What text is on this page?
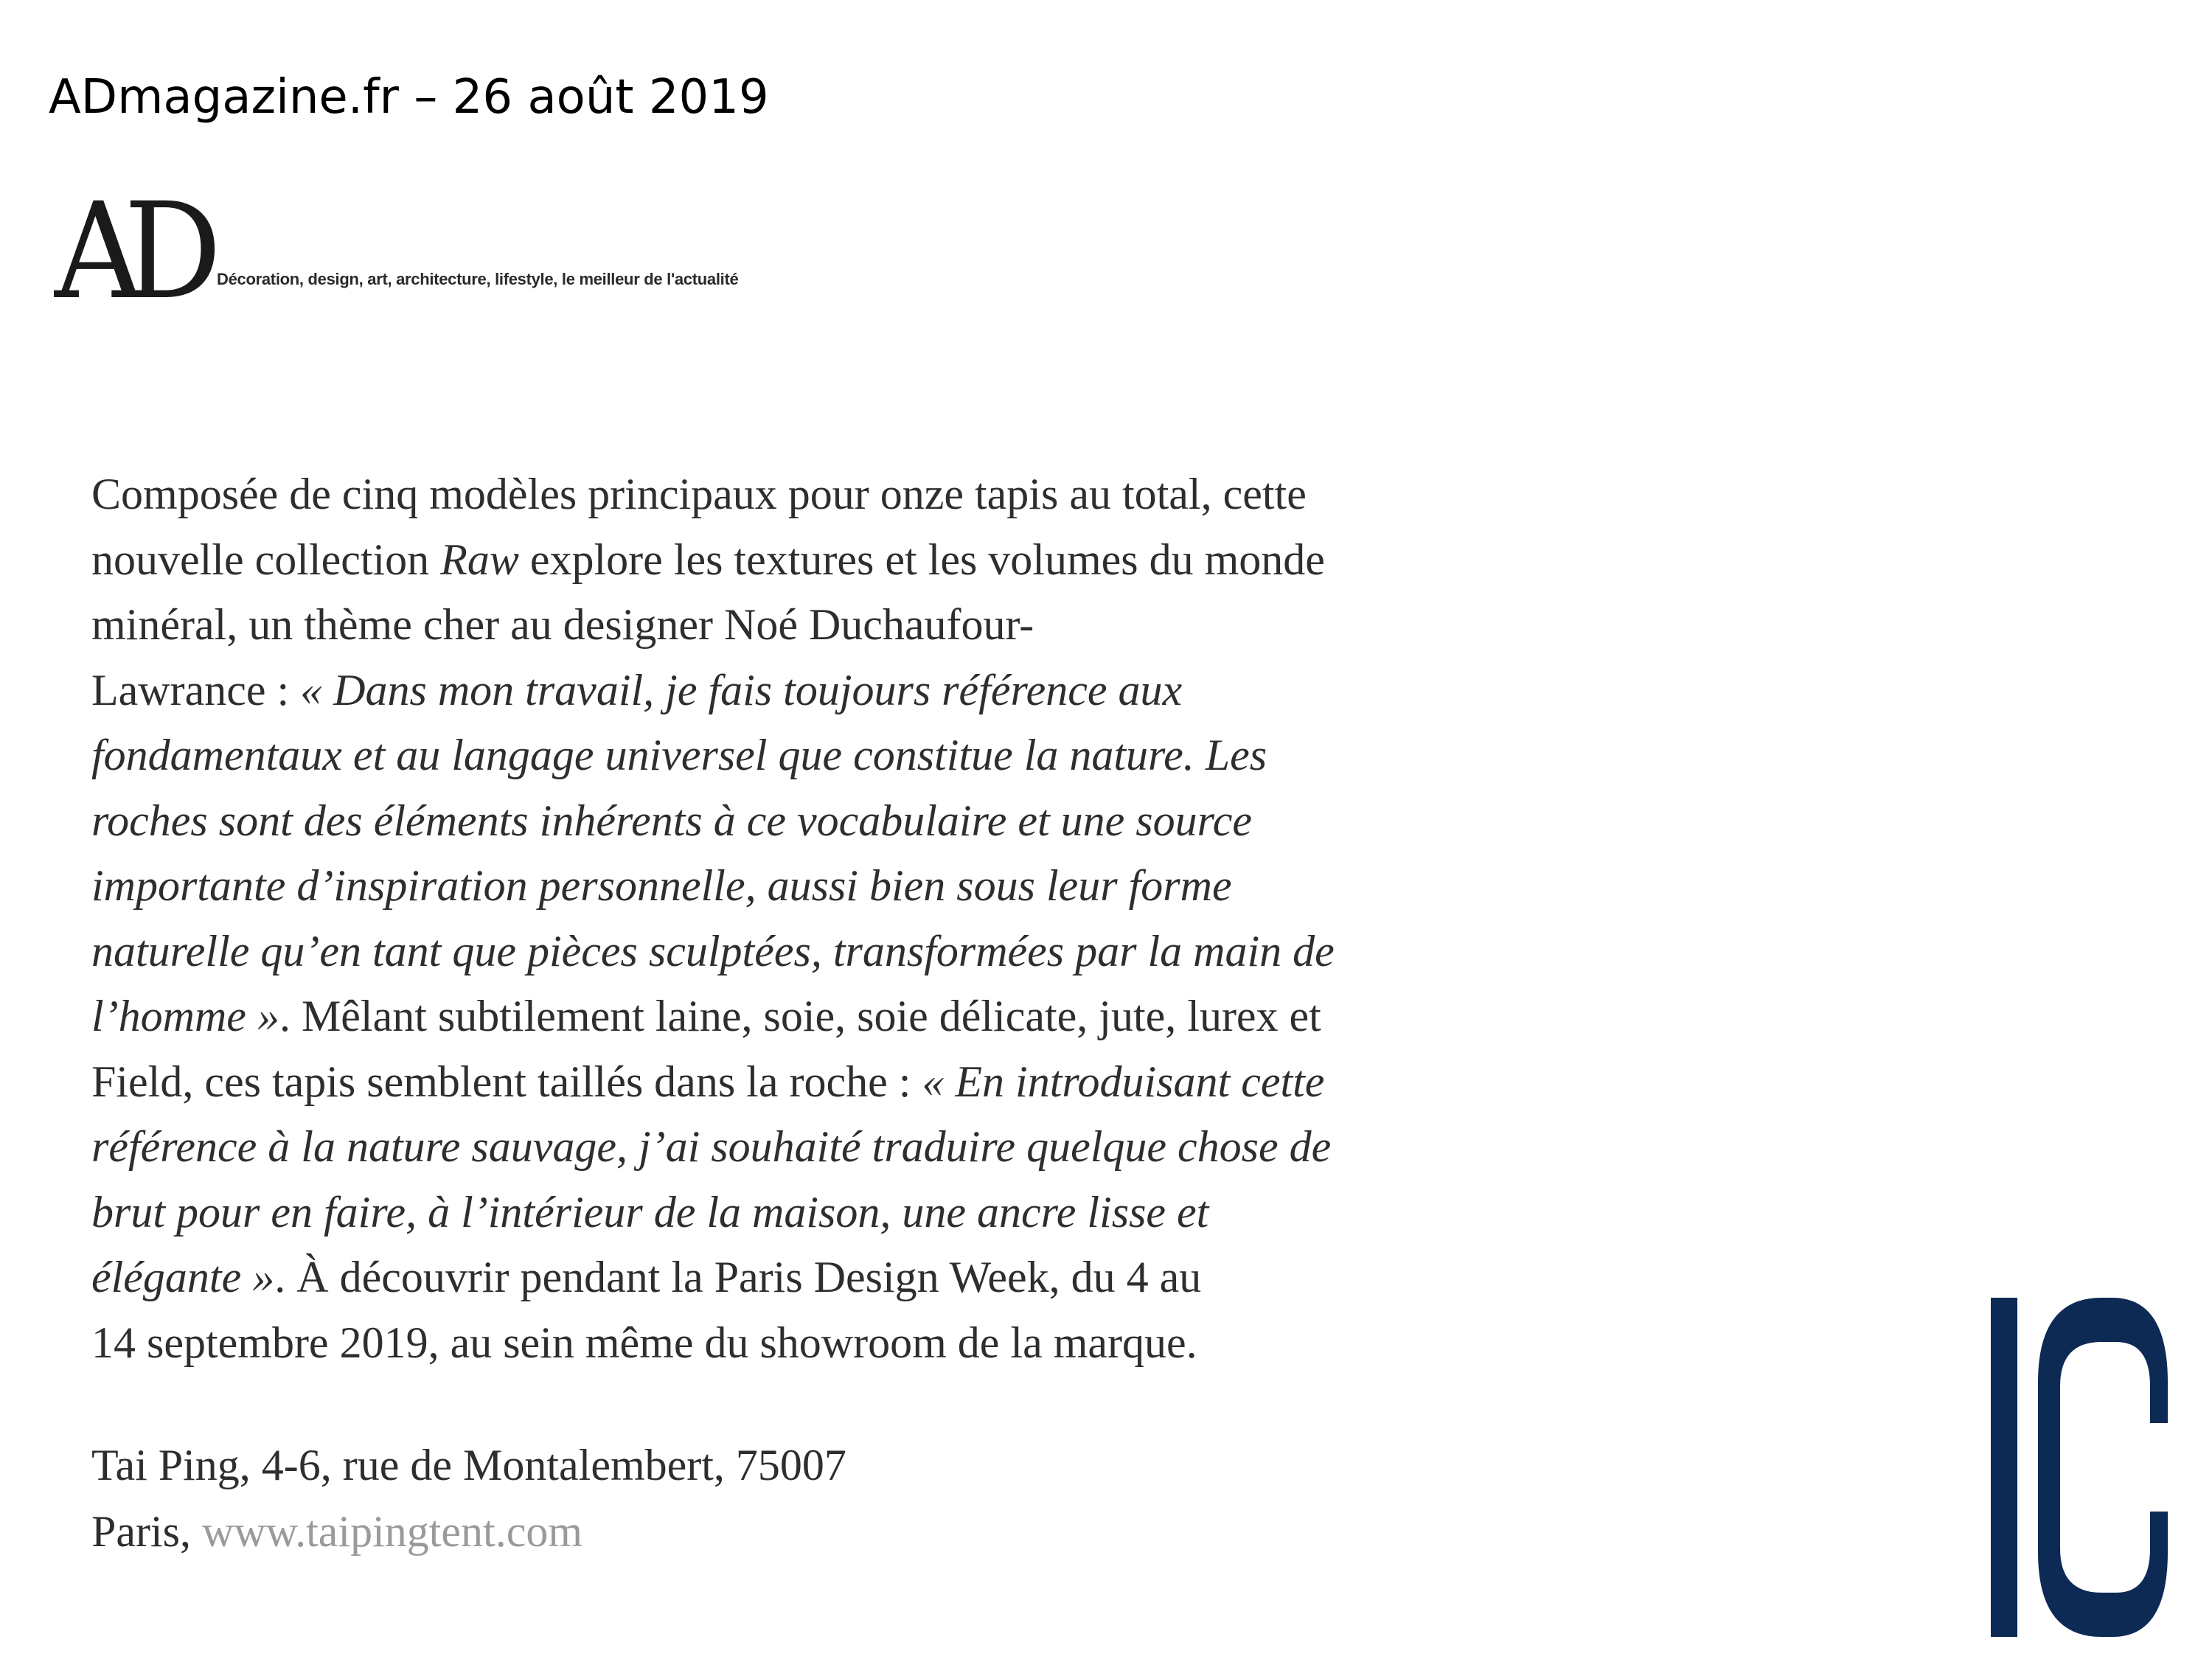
ADmagazine.fr – 26 août 2019
AD Décoration, design, art, architecture, lifestyle, le meilleur de l'actualité

Composée de cinq modèles principaux pour onze tapis au total, cette

nouvelle collection Raw explore les textures et les volumes du monde

minéral, un thème cher au designer Noé Duchaufour-

Lawrance : « Dans mon travail, je fais toujours référence aux

fondamentaux et au langage universel que constitue la nature. Les

roches sont des éléments inhérents à ce vocabulaire et une source

importante d’inspiration personnelle, aussi bien sous leur forme

naturelle qu’en tant que pièces sculptées, transformées par la main de

l’homme ». Mêlant subtilement laine, soie, soie délicate, jute, lurex et

Field, ces tapis semblent taillés dans la roche : « En introduisant cette

référence à la nature sauvage, j’ai souhaité traduire quelque chose de

brut pour en faire, à l’intérieur de la maison, une ancre lisse et

élégante ». À découvrir pendant la Paris Design Week, du 4 au

14 septembre 2019, au sein même du showroom de la marque.

Tai Ping, 4-6, rue de Montalembert, 75007

Paris, www.taipingtent.com
